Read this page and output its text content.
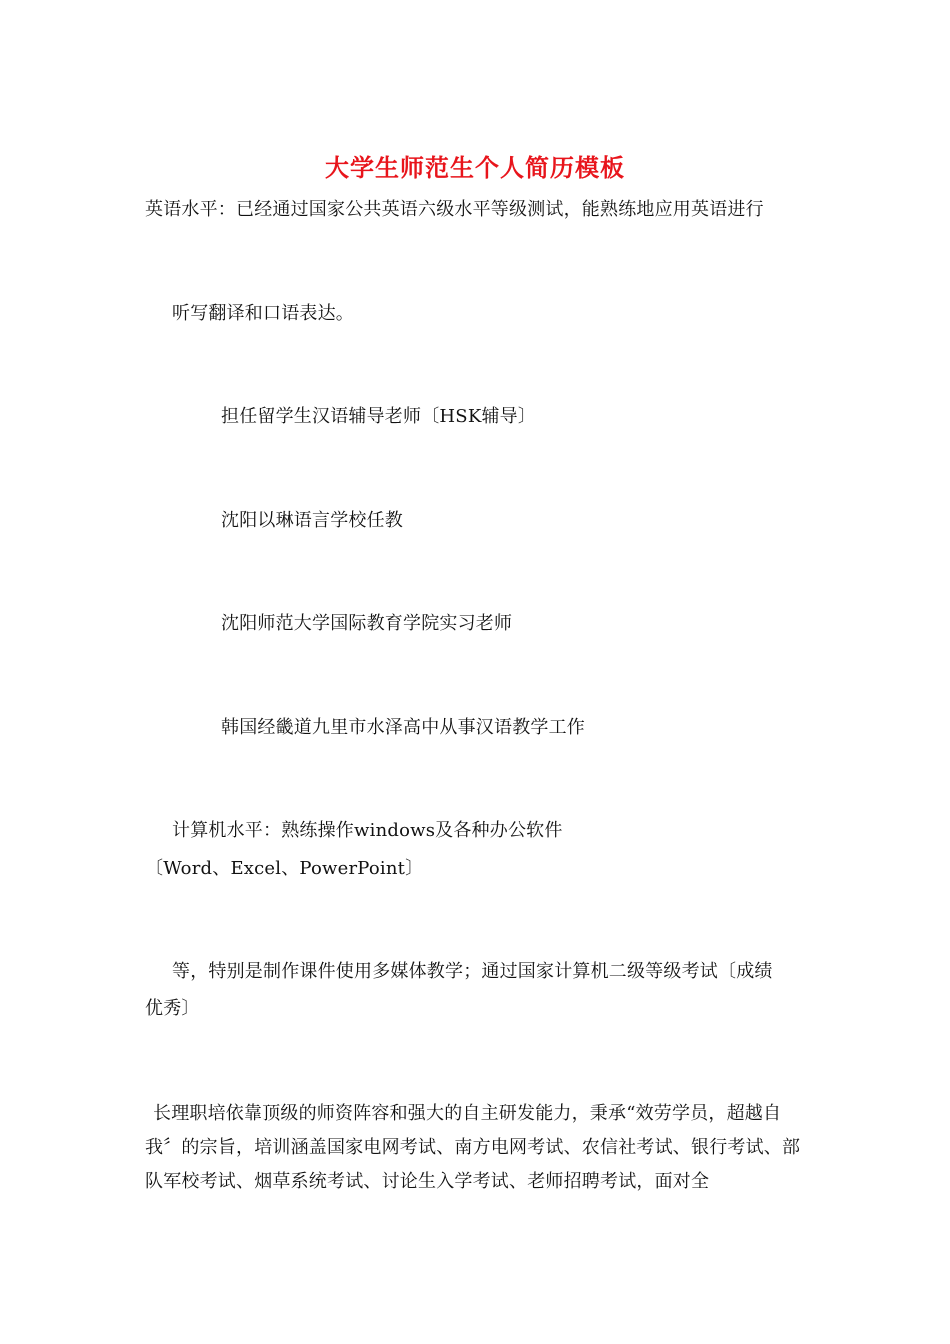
大学生师范生个人简历模板
英语水平：已经通过国家公共英语六级水平等级测试，能熟练地应用英语进行
听写翻译和口语表达。
担任留学生汉语辅导老师〔HSK辅导〕
沈阳以琳语言学校任教
沈阳师范大学国际教育学院实习老师
韩国经畿道九里市水泽高中从事汉语教学工作
计算机水平：熟练操作windows及各种办公软件
〔Word、Excel、PowerPoint〕
等，特别是制作课件使用多媒体教学；通过国家计算机二级等级考试〔成绩
优秀〕
长理职培依靠顶级的师资阵容和强大的自主研发能力，秉承“效劳学员，超越自我〞的宗旨，培训涵盖国家电网考试、南方电网考试、农信社考试、银行考试、部队军校考试、烟草系统考试、讨论生入学考试、老师招聘考试，面对全
